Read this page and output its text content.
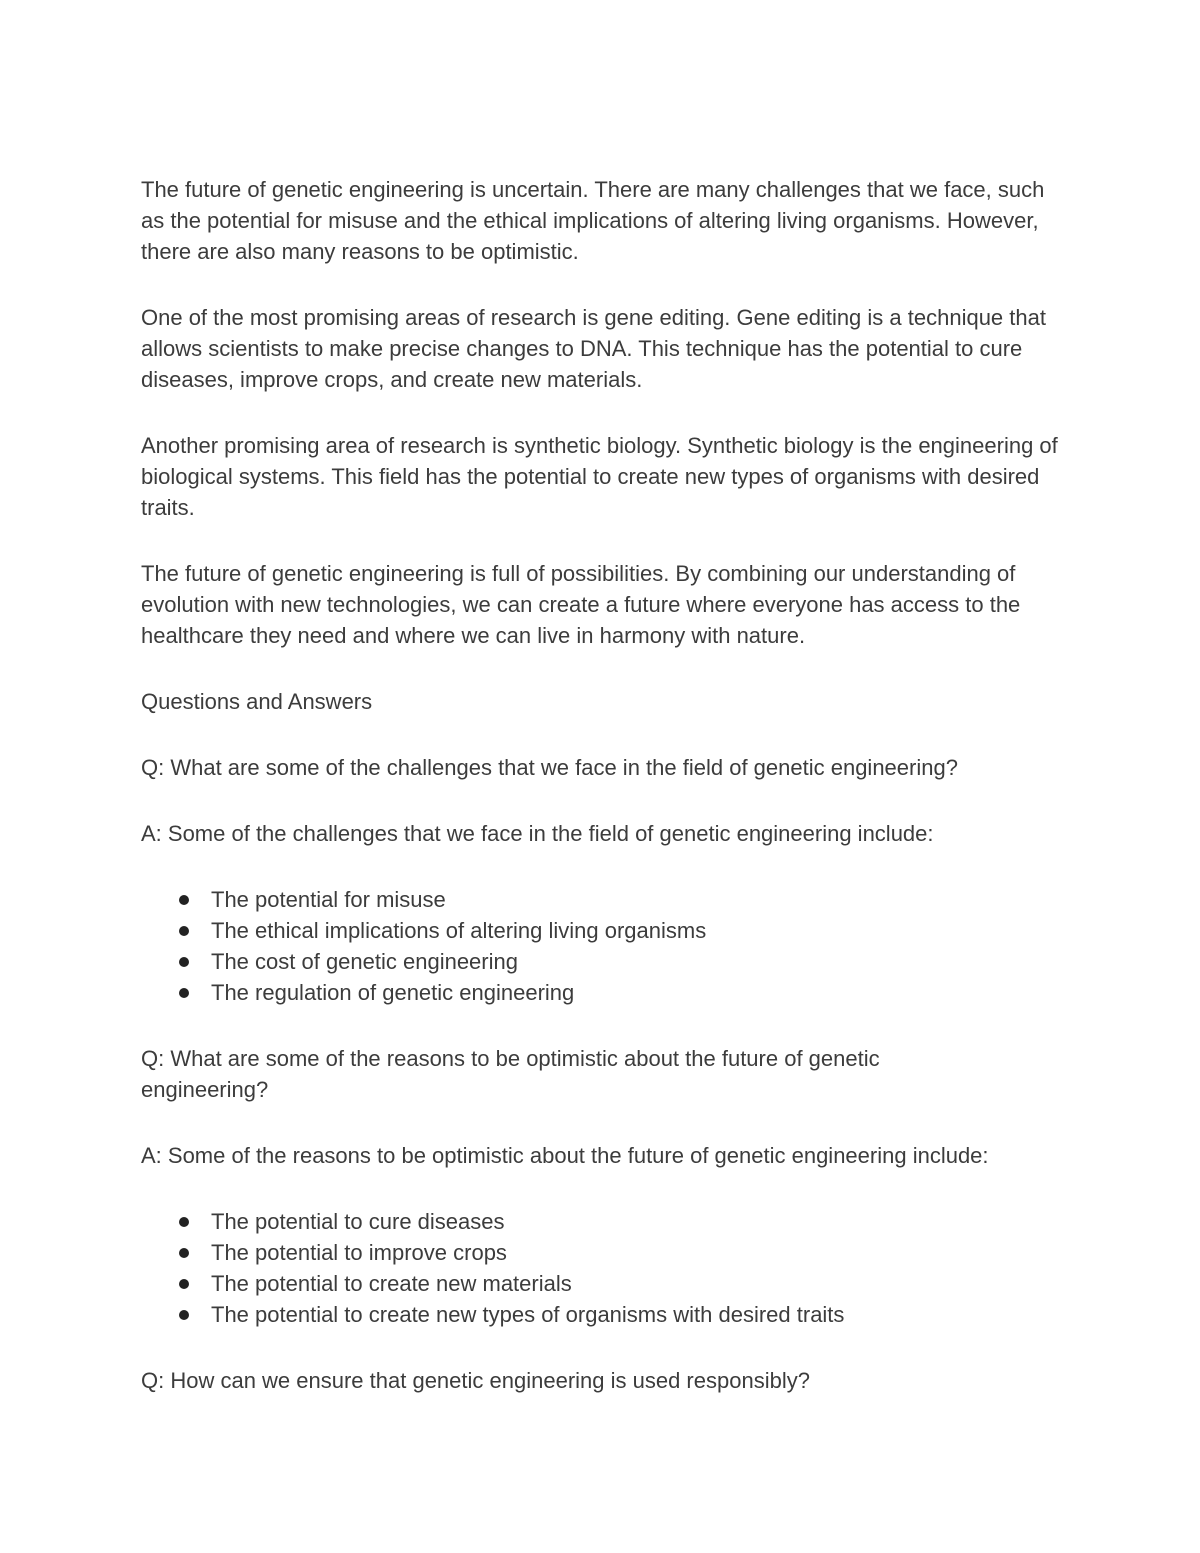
The future of genetic engineering is uncertain. There are many challenges that we face, such as the potential for misuse and the ethical implications of altering living organisms. However, there are also many reasons to be optimistic.

One of the most promising areas of research is gene editing. Gene editing is a technique that allows scientists to make precise changes to DNA. This technique has the potential to cure diseases, improve crops, and create new materials.

Another promising area of research is synthetic biology. Synthetic biology is the engineering of biological systems. This field has the potential to create new types of organisms with desired traits.

The future of genetic engineering is full of possibilities. By combining our understanding of evolution with new technologies, we can create a future where everyone has access to the healthcare they need and where we can live in harmony with nature.

Questions and Answers

Q: What are some of the challenges that we face in the field of genetic engineering?

A: Some of the challenges that we face in the field of genetic engineering include:

The potential for misuse
The ethical implications of altering living organisms
The cost of genetic engineering
The regulation of genetic engineering

Q: What are some of the reasons to be optimistic about the future of genetic engineering?

A: Some of the reasons to be optimistic about the future of genetic engineering include:

The potential to cure diseases
The potential to improve crops
The potential to create new materials
The potential to create new types of organisms with desired traits

Q: How can we ensure that genetic engineering is used responsibly?
